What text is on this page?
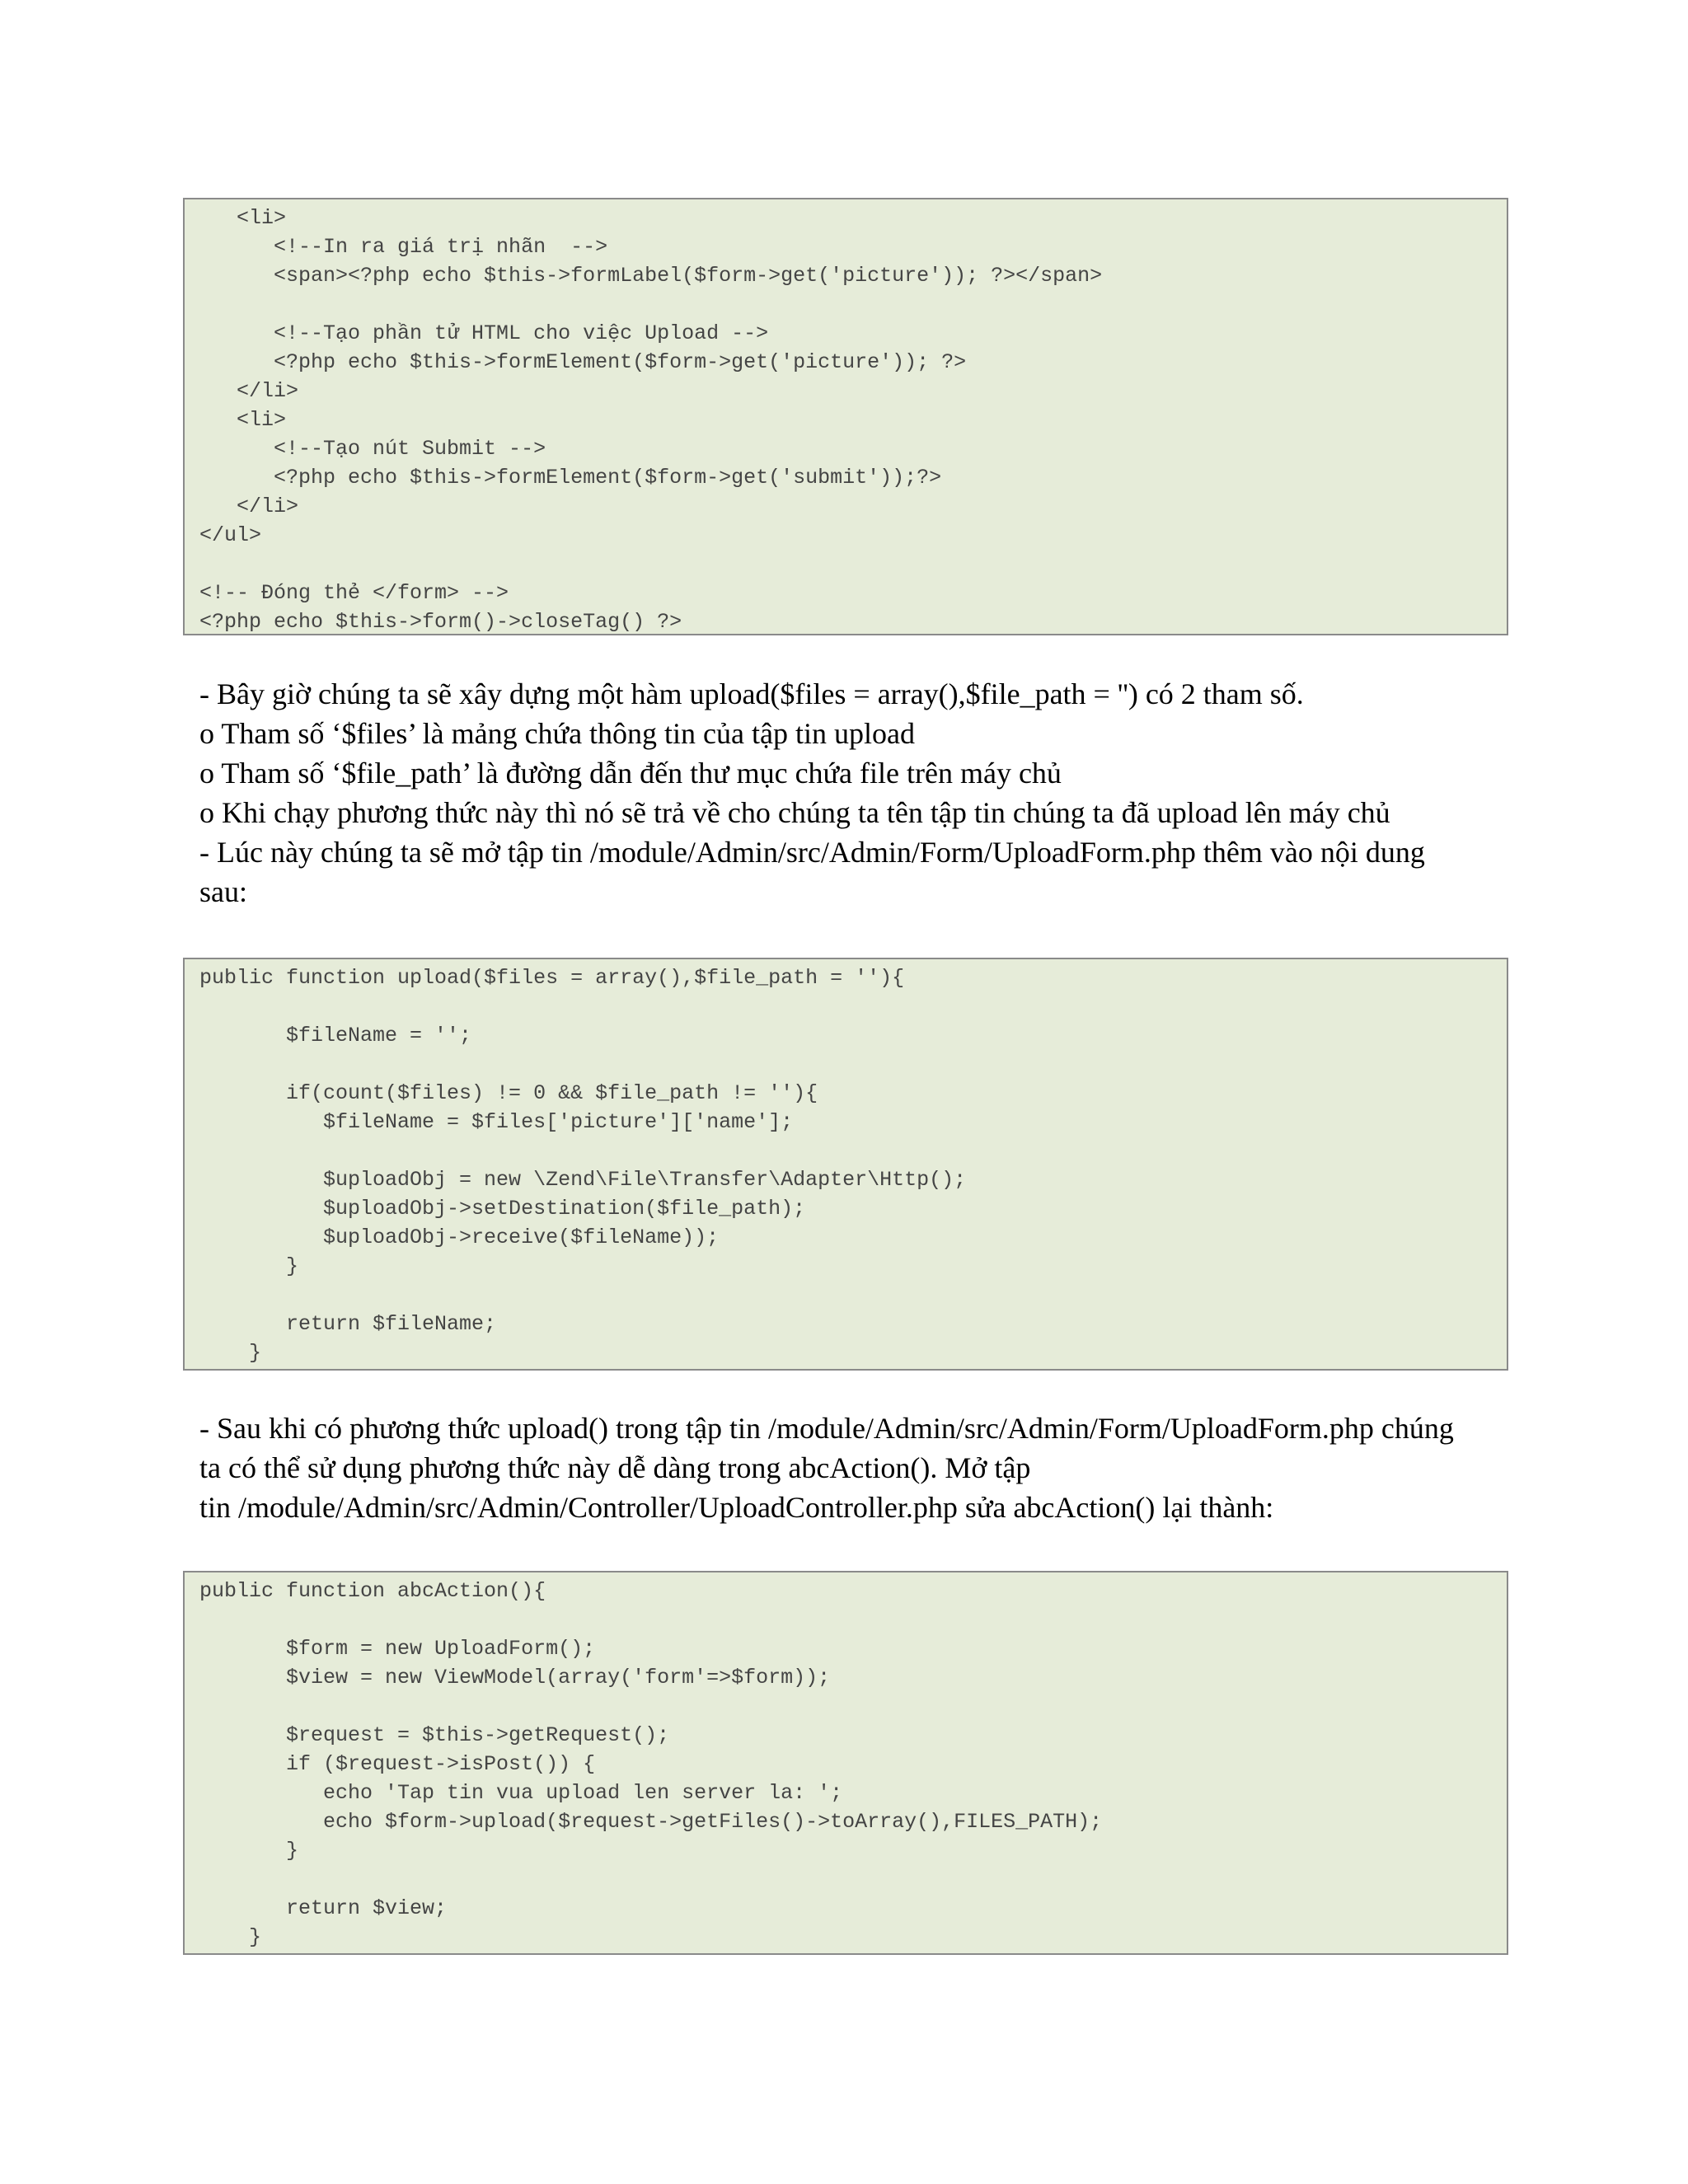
<li>
<!--In ra giá trị nhãn  -->
<span><?php echo $this->formLabel($form->get('picture')); ?></span>
<!--Tạo phần tử HTML cho việc Upload -->
<?php echo $this->formElement($form->get('picture')); ?>
</li>
<li>
<!--Tạo nút Submit -->
<?php echo $this->formElement($form->get('submit'));?>
</li>
</ul>
<!-- Đóng thẻ </form> -->
<?php echo $this->form()->closeTag() ?>
- Bây giờ chúng ta sẽ xây dựng một hàm upload($files = array(),$file_path = '') có 2 tham số.
o Tham số ‘$files’ là mảng chứa thông tin của tập tin upload
o Tham số ‘$file_path’ là đường dẫn đến thư mục chứa file trên máy chủ
o Khi chạy phương thức này thì nó sẽ trả về cho chúng ta tên tập tin chúng ta đã upload lên máy chủ
- Lúc này chúng ta sẽ mở tập tin /module/Admin/src/Admin/Form/UploadForm.php thêm vào nội dung
sau:
public function upload($files = array(),$file_path = ''){
$fileName = '';
if(count($files) != 0 && $file_path != ''){
$fileName = $files['picture']['name'];
$uploadObj = new \Zend\File\Transfer\Adapter\Http();
$uploadObj->setDestination($file_path);
$uploadObj->receive($fileName));
}
return $fileName;
}
- Sau khi có phương thức upload() trong tập tin /module/Admin/src/Admin/Form/UploadForm.php chúng
ta có thể sử dụng phương thức này dễ dàng trong abcAction(). Mở tập
tin /module/Admin/src/Admin/Controller/UploadController.php sửa abcAction() lại thành:
public function abcAction(){
$form = new UploadForm();
$view = new ViewModel(array('form'=>$form));
$request = $this->getRequest();
if ($request->isPost()) {
echo 'Tap tin vua upload len server la: ';
echo $form->upload($request->getFiles()->toArray(),FILES_PATH);
}
return $view;
}
